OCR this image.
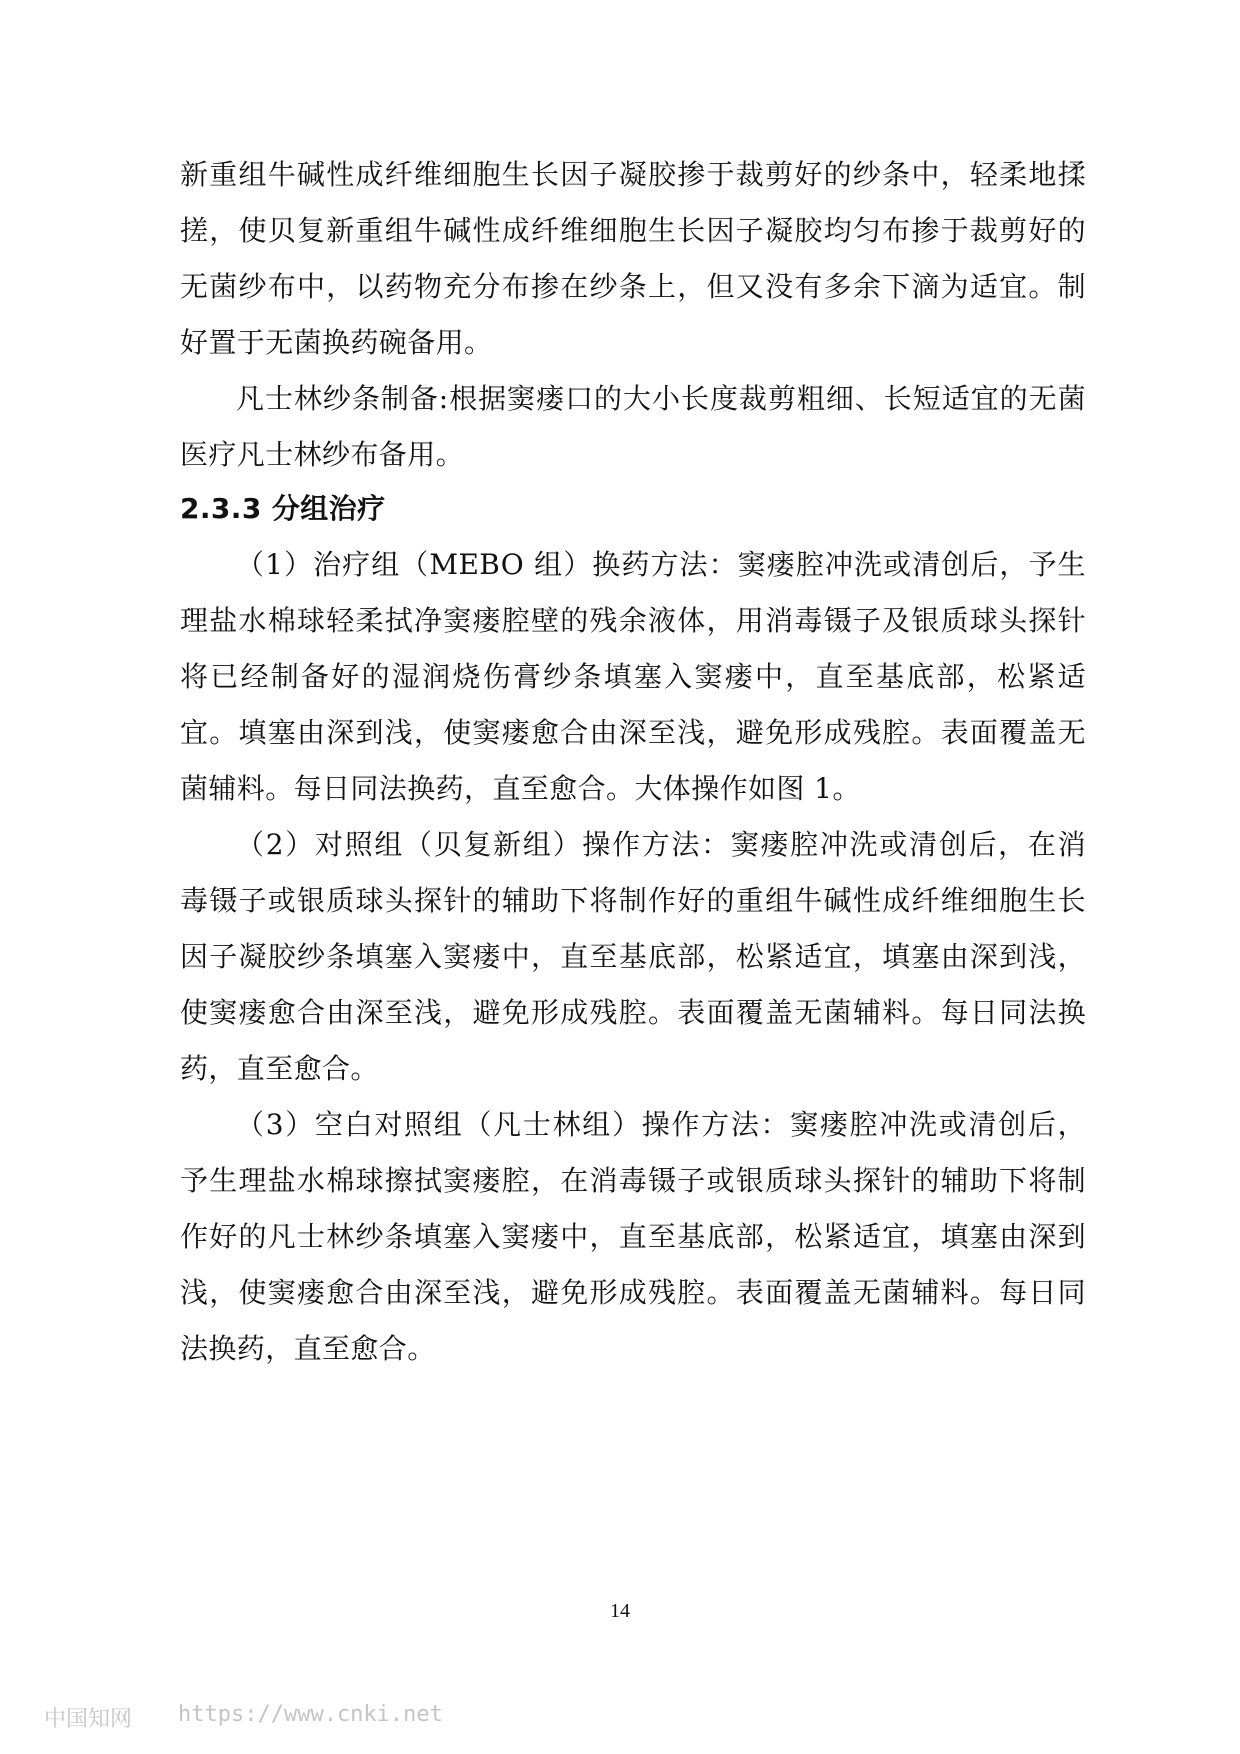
新重组牛碱性成纤维细胞生长因子凝胶掺于裁剪好的纱条中，轻柔地揉
搓，使贝复新重组牛碱性成纤维细胞生长因子凝胶均匀布掺于裁剪好的
无菌纱布中，以药物充分布掺在纱条上，但又没有多余下滴为适宜。制
好置于无菌换药碗备用。
凡士林纱条制备:根据窦瘘口的大小长度裁剪粗细、长短适宜的无菌
医疗凡士林纱布备用。
2.3.3 分组治疗
（1）治疗组（MEBO 组）换药方法：窦瘘腔冲洗或清创后，予生
理盐水棉球轻柔拭净窦瘘腔壁的残余液体，用消毒镊子及银质球头探针
将已经制备好的湿润烧伤膏纱条填塞入窦瘘中，直至基底部，松紧适
宜。填塞由深到浅，使窦瘘愈合由深至浅，避免形成残腔。表面覆盖无
菌辅料。每日同法换药，直至愈合。大体操作如图 1。
（2）对照组（贝复新组）操作方法：窦瘘腔冲洗或清创后，在消
毒镊子或银质球头探针的辅助下将制作好的重组牛碱性成纤维细胞生长
因子凝胶纱条填塞入窦瘘中，直至基底部，松紧适宜，填塞由深到浅，
使窦瘘愈合由深至浅，避免形成残腔。表面覆盖无菌辅料。每日同法换
药，直至愈合。
（3）空白对照组（凡士林组）操作方法：窦瘘腔冲洗或清创后，
予生理盐水棉球擦拭窦瘘腔，在消毒镊子或银质球头探针的辅助下将制
作好的凡士林纱条填塞入窦瘘中，直至基底部，松紧适宜，填塞由深到
浅，使窦瘘愈合由深至浅，避免形成残腔。表面覆盖无菌辅料。每日同
法换药，直至愈合。
14
中国知网 https://www.cnki.net
